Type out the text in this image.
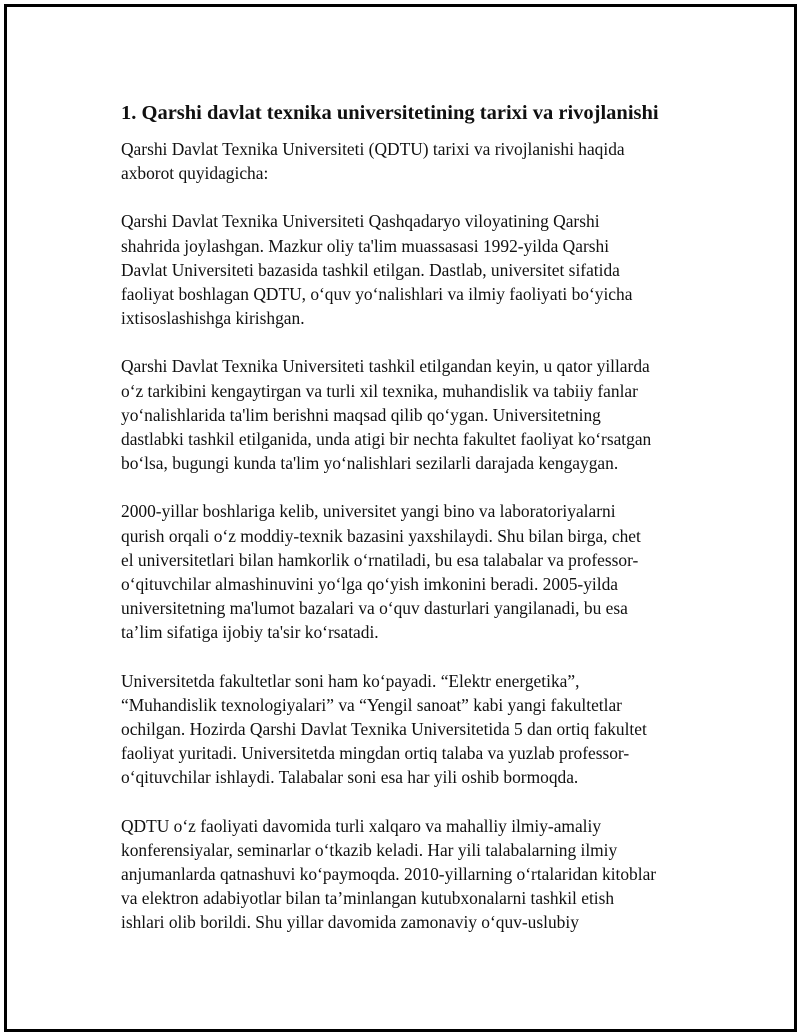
1. Qarshi davlat texnika universitetining tarixi va rivojlanishi

Qarshi Davlat Texnika Universiteti (QDTU) tarixi va rivojlanishi haqida
axborot quyidagicha:

Qarshi Davlat Texnika Universiteti Qashqadaryo viloyatining Qarshi
shahrida joylashgan. Mazkur oliy ta'lim muassasasi 1992-yilda Qarshi
Davlat Universiteti bazasida tashkil etilgan. Dastlab, universitet sifatida
faoliyat boshlagan QDTU, oʻquv yoʻnalishlari va ilmiy faoliyati boʻyicha
ixtisoslashishga kirishgan.

Qarshi Davlat Texnika Universiteti tashkil etilgandan keyin, u qator yillarda
oʻz tarkibini kengaytirgan va turli xil texnika, muhandislik va tabiiy fanlar
yoʻnalishlarida ta'lim berishni maqsad qilib qoʻygan. Universitetning
dastlabki tashkil etilganida, unda atigi bir nechta fakultet faoliyat koʻrsatgan
boʻlsa, bugungi kunda ta'lim yoʻnalishlari sezilarli darajada kengaygan.

2000-yillar boshlariga kelib, universitet yangi bino va laboratoriyalarni
qurish orqali oʻz moddiy-texnik bazasini yaxshilaydi. Shu bilan birga, chet
el universitetlari bilan hamkorlik oʻrnatiladi, bu esa talabalar va professor-
oʻqituvchilar almashinuvini yoʻlga qoʻyish imkonini beradi. 2005-yilda
universitetning ma'lumot bazalari va oʻquv dasturlari yangilanadi, bu esa
ta’lim sifatiga ijobiy ta'sir koʻrsatadi.

Universitetda fakultetlar soni ham koʻpayadi. “Elektr energetika”,
“Muhandislik texnologiyalari” va “Yengil sanoat” kabi yangi fakultetlar
ochilgan. Hozirda Qarshi Davlat Texnika Universitetida 5 dan ortiq fakultet
faoliyat yuritadi. Universitetda mingdan ortiq talaba va yuzlab professor-
oʻqituvchilar ishlaydi. Talabalar soni esa har yili oshib bormoqda.

QDTU oʻz faoliyati davomida turli xalqaro va mahalliy ilmiy-amaliy
konferensiyalar, seminarlar oʻtkazib keladi. Har yili talabalarning ilmiy
anjumanlarda qatnashuvi koʻpaymoqda. 2010-yillarning oʻrtalaridan kitoblar
va elektron adabiyotlar bilan ta’minlangan kutubxonalarni tashkil etish
ishlari olib borildi. Shu yillar davomida zamonaviy oʻquv-uslubiy
